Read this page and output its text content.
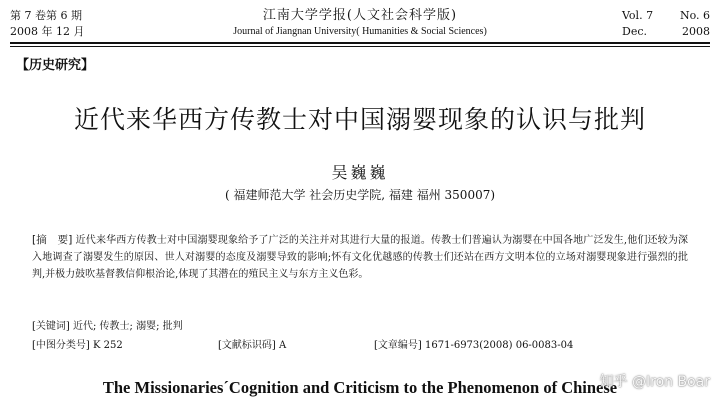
第 7 卷第 6 期
2008 年 12 月
江南大学学报(人文社会科学版)
Journal of Jiangnan University( Humanities & Social Sciences)
Vol. 7 No. 6
Dec.	2008
【历史研究】
近代来华西方传教士对中国溺婴现象的认识与批判
吴巍巍
( 福建师范大学 社会历史学院, 福建 福州 350007)
[摘　要] 近代来华西方传教士对中国溺婴现象给予了广泛的关注并对其进行大量的报道。传教士们普遍认为溺婴在中国各地广泛发生,他们还较为深入地调查了溺婴发生的原因、世人对溺婴的态度及溺婴导致的影响;怀有文化优越感的传教士们还站在西方文明本位的立场对溺婴现象进行强烈的批判,并极力鼓吹基督教信仰根治论,体现了其潜在的殖民主义与东方主义色彩。
[关键词] 近代; 传教士; 溺婴; 批判
[中图分类号] K 252	[文献标识码] A	[文章编号] 1671-6973(2008) 06-0083-04
The Missionaries´Cognition and Criticism to the Phenomenon of Chinese
知乎 @Iron Boar
